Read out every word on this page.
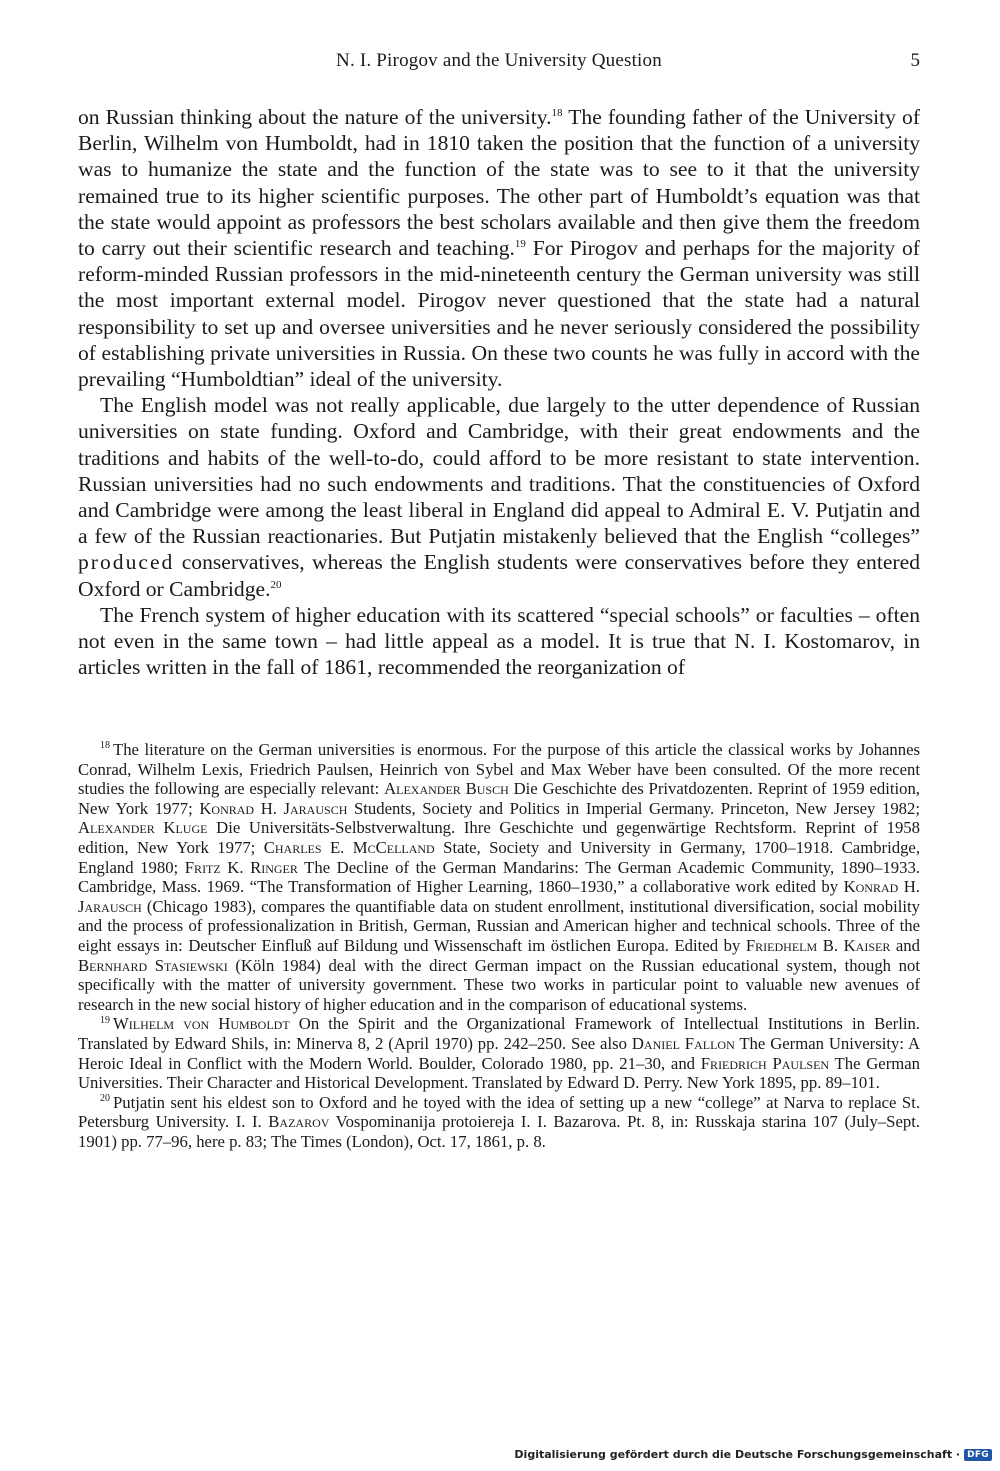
N. I. Pirogov and the University Question	5

on Russian thinking about the nature of the university.$^{18}$ The founding father of the University of Berlin, Wilhelm von Humboldt, had in 1810 taken the position that the function of a university was to humanize the state and the function of the state was to see to it that the university remained true to its higher scientific purposes. The other part of Humboldt’s equation was that the state would appoint as professors the best scholars available and then give them the freedom to carry out their scientific research and teaching.$^{19}$ For Pirogov and perhaps for the majority of reform-minded Russian professors in the mid-nineteenth century the German university was still the most important external model. Pirogov never questioned that the state had a natural responsibility to set up and oversee universities and he never seriously considered the possibility of establishing private universities in Russia. On these two counts he was fully in accord with the prevailing “Humboldtian” ideal of the university.

The English model was not really applicable, due largely to the utter dependence of Russian universities on state funding. Oxford and Cambridge, with their great endowments and the traditions and habits of the well-to-do, could afford to be more resistant to state intervention. Russian universities had no such endowments and traditions. That the constituencies of Oxford and Cambridge were among the least liberal in England did appeal to Admiral E. V. Putjatin and a few of the Russian reactionaries. But Putjatin mistakenly believed that the English “colleges” produced conservatives, whereas the English students were conservatives before they entered Oxford or Cambridge.$^{20}$

The French system of higher education with its scattered “special schools” or faculties – often not even in the same town – had little appeal as a model. It is true that N. I. Kostomarov, in articles written in the fall of 1861, recommended the reorganization of

$^{18}$ The literature on the German universities is enormous. For the purpose of this article the classical works by Johannes Conrad, Wilhelm Lexis, Friedrich Paulsen, Heinrich von Sybel and Max Weber have been consulted. Of the more recent studies the following are especially relevant: Alexander Busch Die Geschichte des Privatdozenten. Reprint of 1959 edition, New York 1977; Konrad H. Jarausch Students, Society and Politics in Imperial Germany. Princeton, New Jersey 1982; Alexander Kluge Die Universitäts-Selbstverwaltung. Ihre Geschichte und gegenwärtige Rechtsform. Reprint of 1958 edition, New York 1977; Charles E. McCelland State, Society and University in Germany, 1700–1918. Cambridge, England 1980; Fritz K. Ringer The Decline of the German Mandarins: The German Academic Community, 1890–1933. Cambridge, Mass. 1969. “The Transformation of Higher Learning, 1860–1930,” a collaborative work edited by Konrad H. Jarausch (Chicago 1983), compares the quantifiable data on student enrollment, institutional diversification, social mobility and the process of professionalization in British, German, Russian and American higher and technical schools. Three of the eight essays in: Deutscher Einfluß auf Bildung und Wissenschaft im östlichen Europa. Edited by Friedhelm B. Kaiser and Bernhard Stasiewski (Köln 1984) deal with the direct German impact on the Russian educational system, though not specifically with the matter of university government. These two works in particular point to valuable new avenues of research in the new social history of higher education and in the comparison of educational systems.

$^{19}$ Wilhelm von Humboldt On the Spirit and the Organizational Framework of Intellectual Institutions in Berlin. Translated by Edward Shils, in: Minerva 8, 2 (April 1970) pp. 242–250. See also Daniel Fallon The German University: A Heroic Ideal in Conflict with the Modern World. Boulder, Colorado 1980, pp. 21–30, and Friedrich Paulsen The German Universities. Their Character and Historical Development. Translated by Edward D. Perry. New York 1895, pp. 89–101.

$^{20}$ Putjatin sent his eldest son to Oxford and he toyed with the idea of setting up a new “college” at Narva to replace St. Petersburg University. I. I. Bazarov Vospominanija protoiereja I. I. Bazarova. Pt. 8, in: Russkaja starina 107 (July–Sept. 1901) pp. 77–96, here p. 83; The Times (London), Oct. 17, 1861, p. 8.

Digitalisierung gefördert durch die Deutsche Forschungsgemeinschaft · DFG
